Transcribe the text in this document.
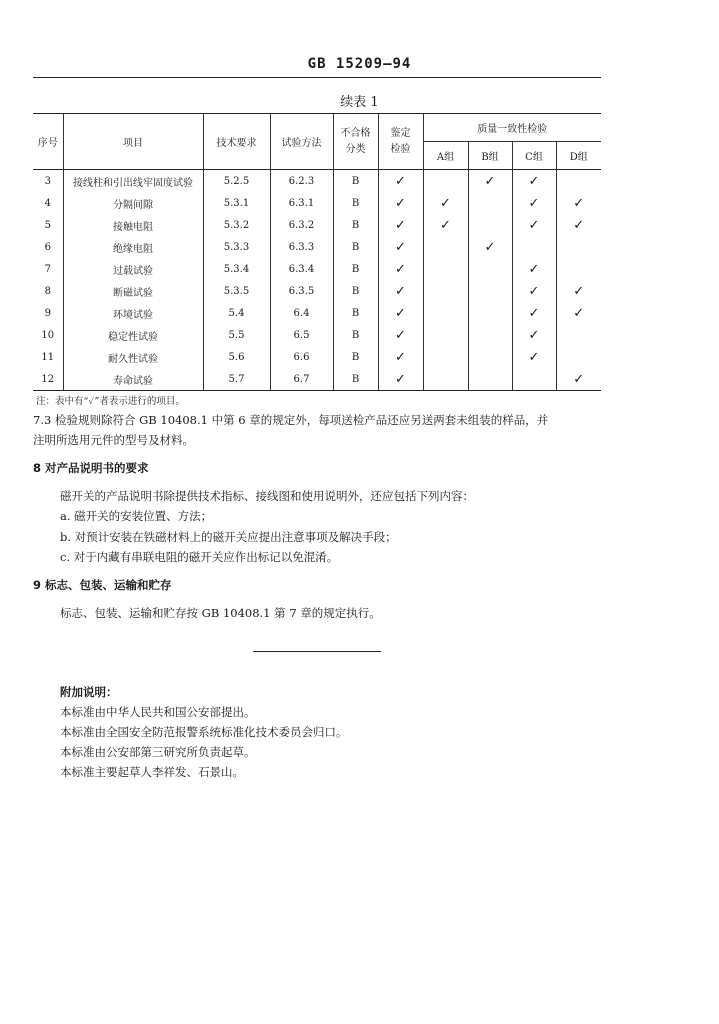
GB 15209—94
续表 1
序号	项目	技术要求	试验方法	不合格分类	鉴定检验	质量一致性检验			
						A组	B组	C组	D组
3	接线柱和引出线牢固度试验	5.2.5	6.2.3	B	✓		✓	✓	
4	分隔间隙	5.3.1	6.3.1	B	✓	✓		✓	✓
5	接触电阻	5.3.2	6.3.2	B	✓	✓		✓	✓
6	绝缘电阻	5.3.3	6.3.3	B	✓		✓		
7	过载试验	5.3.4	6.3.4	B	✓			✓	
8	断磁试验	5.3.5	6.3.5	B	✓			✓	✓
9	环境试验	5.4	6.4	B	✓			✓	✓
10	稳定性试验	5.5	6.5	B	✓			✓	
11	耐久性试验	5.6	6.6	B	✓			✓	
12	寿命试验	5.7	6.7	B	✓				✓
注：表中有“✓”者表示进行的项目。
7.3 检验规则除符合 GB 10408.1 中第 6 章的规定外，每项送检产品还应另送两套未组装的样品，并
注明所选用元件的型号及材料。
8 对产品说明书的要求
磁开关的产品说明书除提供技术指标、接线图和使用说明外，还应包括下列内容：
a. 磁开关的安装位置、方法；
b. 对预计安装在铁磁材料上的磁开关应提出注意事项及解决手段；
c. 对于内藏有串联电阻的磁开关应作出标记以免混淆。
9 标志、包装、运输和贮存
标志、包装、运输和贮存按 GB 10408.1 第 7 章的规定执行。
附加说明：
本标准由中华人民共和国公安部提出。
本标准由全国安全防范报警系统标准化技术委员会归口。
本标准由公安部第三研究所负责起草。
本标准主要起草人李祥发、石景山。
